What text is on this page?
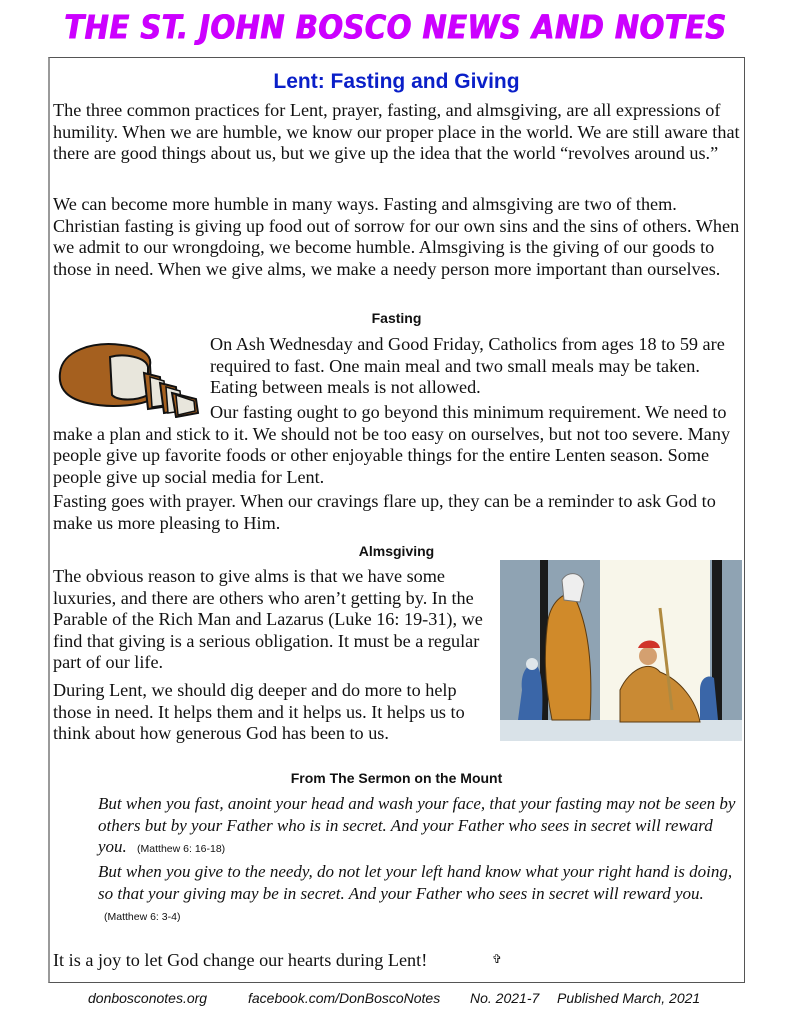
THE ST. JOHN BOSCO NEWS AND NOTES
Lent: Fasting and Giving

The three common practices for Lent, prayer, fasting, and almsgiving, are all expressions of humility. When we are humble, we know our proper place in the world. We are still aware that there are good things about us, but we give up the idea that the world “revolves around us.”

We can become more humble in many ways. Fasting and almsgiving are two of them. Christian fasting is giving up food out of sorrow for our own sins and the sins of others. When we admit to our wrongdoing, we become humble. Almsgiving is the giving of our goods to those in need. When we give alms, we make a needy person more important than ourselves.

Fasting

On Ash Wednesday and Good Friday, Catholics from ages 18 to 59 are required to fast. One main meal and two small meals may be taken. Eating between meals is not allowed.

Our fasting ought to go beyond this minimum requirement. We need to make a plan and stick to it. We should not be too easy on ourselves, but not too severe. Many people give up favorite foods or other enjoyable things for the entire Lenten season. Some people give up social media for Lent.

Fasting goes with prayer. When our cravings flare up, they can be a reminder to ask God to make us more pleasing to Him.

Almsgiving

The obvious reason to give alms is that we have some luxuries, and there are others who aren’t getting by. In the Parable of the Rich Man and Lazarus (Luke 16: 19-31), we find that giving is a serious obligation. It must be a regular part of our life.

During Lent, we should dig deeper and do more to help those in need. It helps them and it helps us. It helps us to think about how generous God has been to us.

From The Sermon on the Mount

But when you fast, anoint your head and wash your face, that your fasting may not be seen by others but by your Father who is in secret. And your Father who sees in secret will reward you. (Matthew 6: 16-18)

But when you give to the needy, do not let your left hand know what your right hand is doing, so that your giving may be in secret. And your Father who sees in secret will reward you. (Matthew 6: 3-4)

It is a joy to let God change our hearts during Lent!	✞
donbosconotes.org	facebook.com/DonBoscoNotes No. 2021-7 Published March, 2021
